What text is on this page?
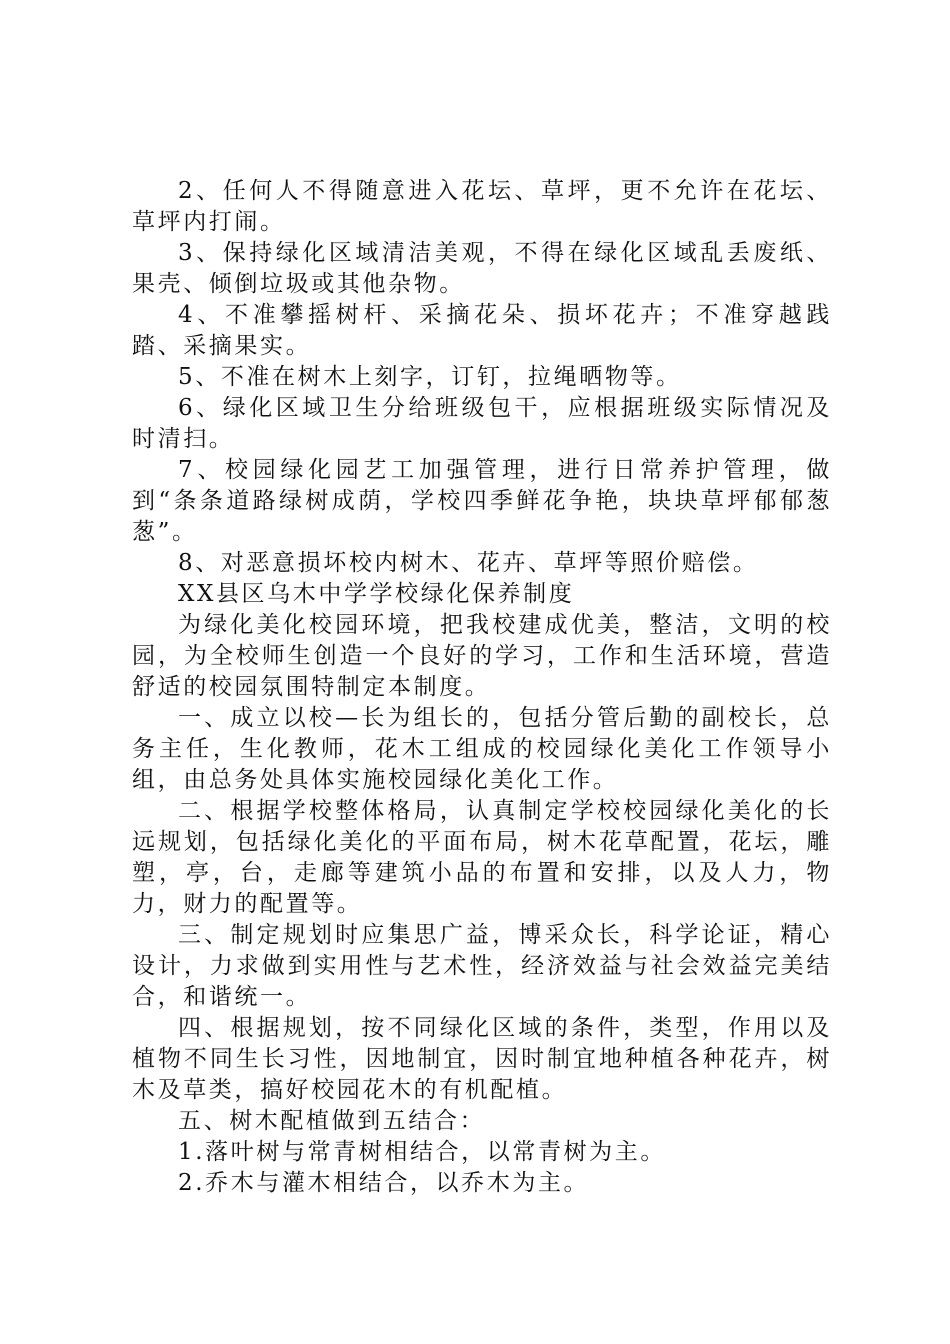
2、任何人不得随意进入花坛、草坪，更不允许在花坛、草坪内打闹。

3、保持绿化区域清洁美观，不得在绿化区域乱丢废纸、果壳、倾倒垃圾或其他杂物。

4、不准攀摇树杆、采摘花朵、损坏花卉；不准穿越践踏、采摘果实。

5、不准在树木上刻字，订钉，拉绳晒物等。

6、绿化区域卫生分给班级包干，应根据班级实际情况及时清扫。

7、校园绿化园艺工加强管理，进行日常养护管理，做到“条条道路绿树成荫，学校四季鲜花争艳，块块草坪郁郁葱葱”。

8、对恶意损坏校内树木、花卉、草坪等照价赔偿。

XX县区乌木中学学校绿化保养制度

为绿化美化校园环境，把我校建成优美，整洁，文明的校园，为全校师生创造一个良好的学习，工作和生活环境，营造舒适的校园氛围特制定本制度。

一、成立以校—长为组长的，包括分管后勤的副校长，总务主任，生化教师，花木工组成的校园绿化美化工作领导小组，由总务处具体实施校园绿化美化工作。

二、根据学校整体格局，认真制定学校校园绿化美化的长远规划，包括绿化美化的平面布局，树木花草配置，花坛，雕塑，亭，台，走廊等建筑小品的布置和安排，以及人力，物力，财力的配置等。

三、制定规划时应集思广益，博采众长，科学论证，精心设计，力求做到实用性与艺术性，经济效益与社会效益完美结合，和谐统一。

四、根据规划，按不同绿化区域的条件，类型，作用以及植物不同生长习性，因地制宜，因时制宜地种植各种花卉，树木及草类，搞好校园花木的有机配植。

五、树木配植做到五结合：

1.落叶树与常青树相结合，以常青树为主。

2.乔木与灌木相结合，以乔木为主。
